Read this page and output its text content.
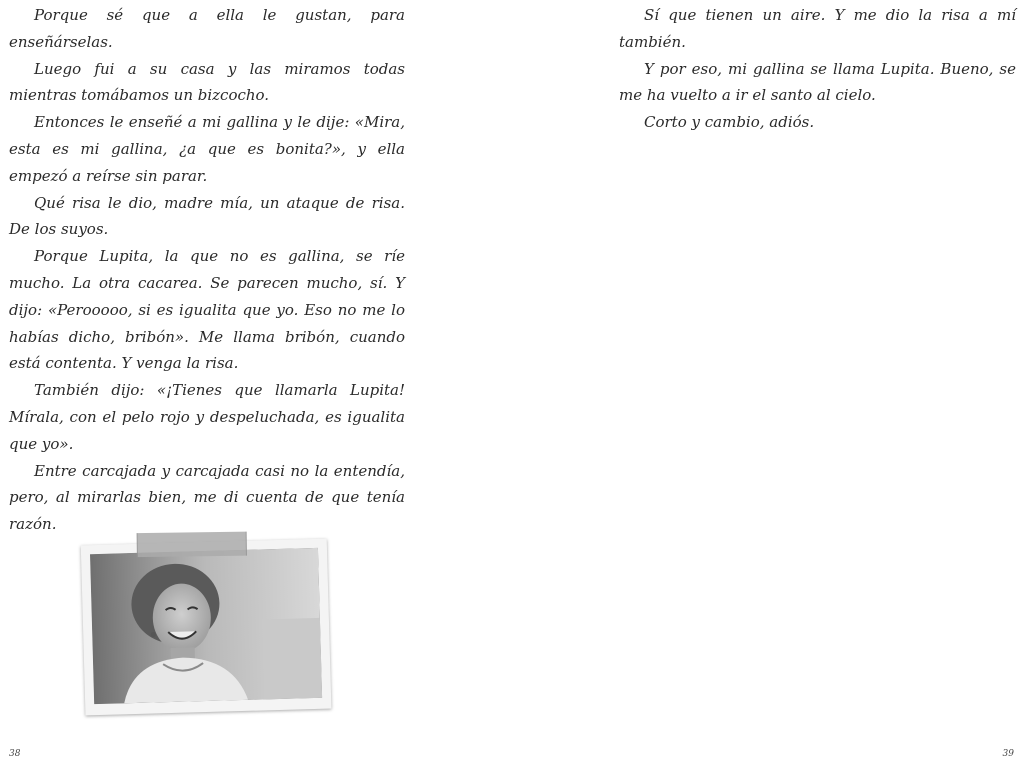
Porque sé que a ella le gustan, para enseñárselas.

Luego fui a su casa y las miramos todas mientras tomábamos un bizcocho.

Entonces le enseñé a mi gallina y le dije: «Mira, esta es mi gallina, ¿a que es bonita?», y ella empezó a reírse sin parar.

Qué risa le dio, madre mía, un ataque de risa. De los suyos.

Porque Lupita, la que no es gallina, se ríe mucho. La otra cacarea. Se parecen mucho, sí. Y dijo: «Perooooo, si es igualita que yo. Eso no me lo habías dicho, bribón». Me llama bribón, cuando está contenta. Y venga la risa.

También dijo: «¡Tienes que llamarla Lupita! Mírala, con el pelo rojo y despeluchada, es igualita que yo».

Entre carcajada y carcajada casi no la entendía, pero, al mirarlas bien, me di cuenta de que tenía razón.

Sí que tienen un aire. Y me dio la risa a mí también.

Y por eso, mi gallina se llama Lupita. Bueno, se me ha vuelto a ir el santo al cielo.

Corto y cambio, adiós.

38	39
